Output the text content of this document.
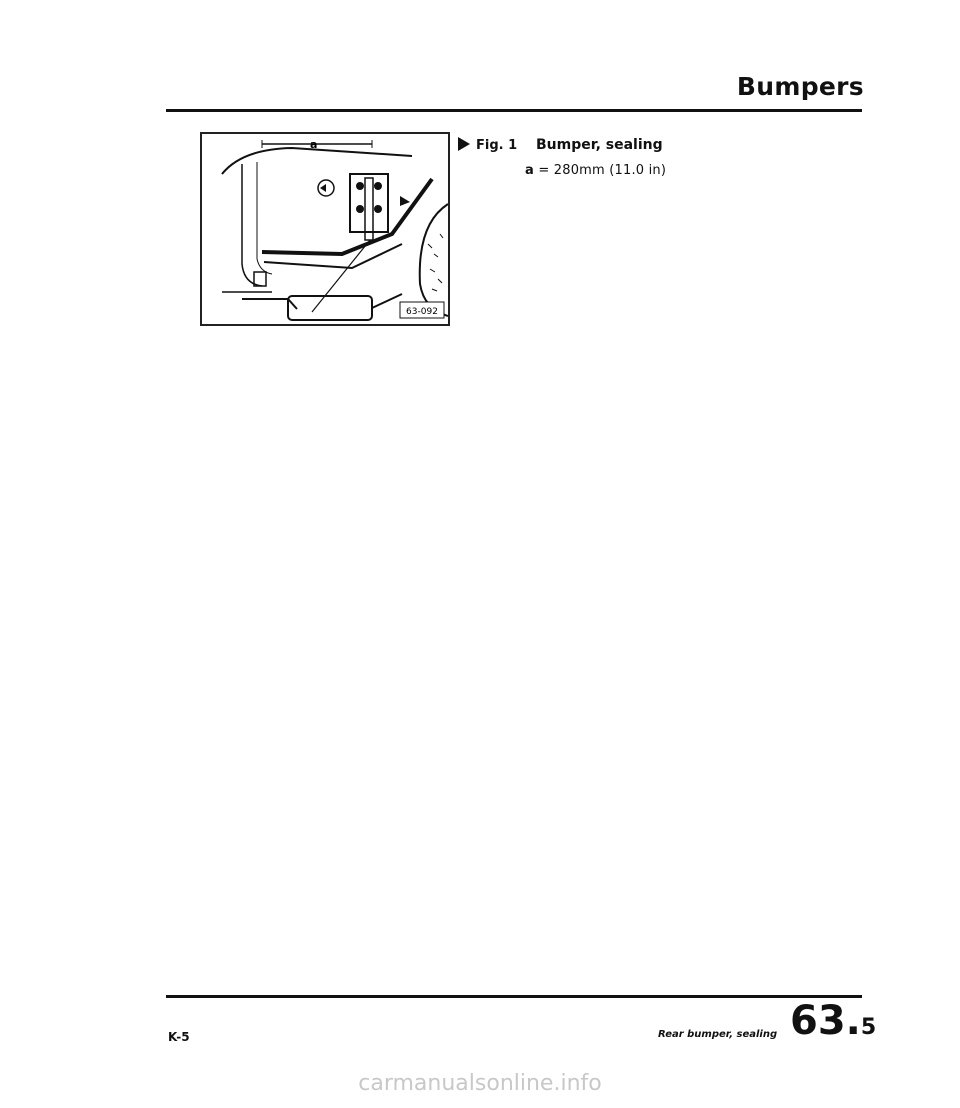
Bumpers
a
63-092
Fig. 1 Bumper, sealing
a = 280mm (11.0 in)
K-5	Rear bumper, sealing 63.5
carmanualsonline.info
